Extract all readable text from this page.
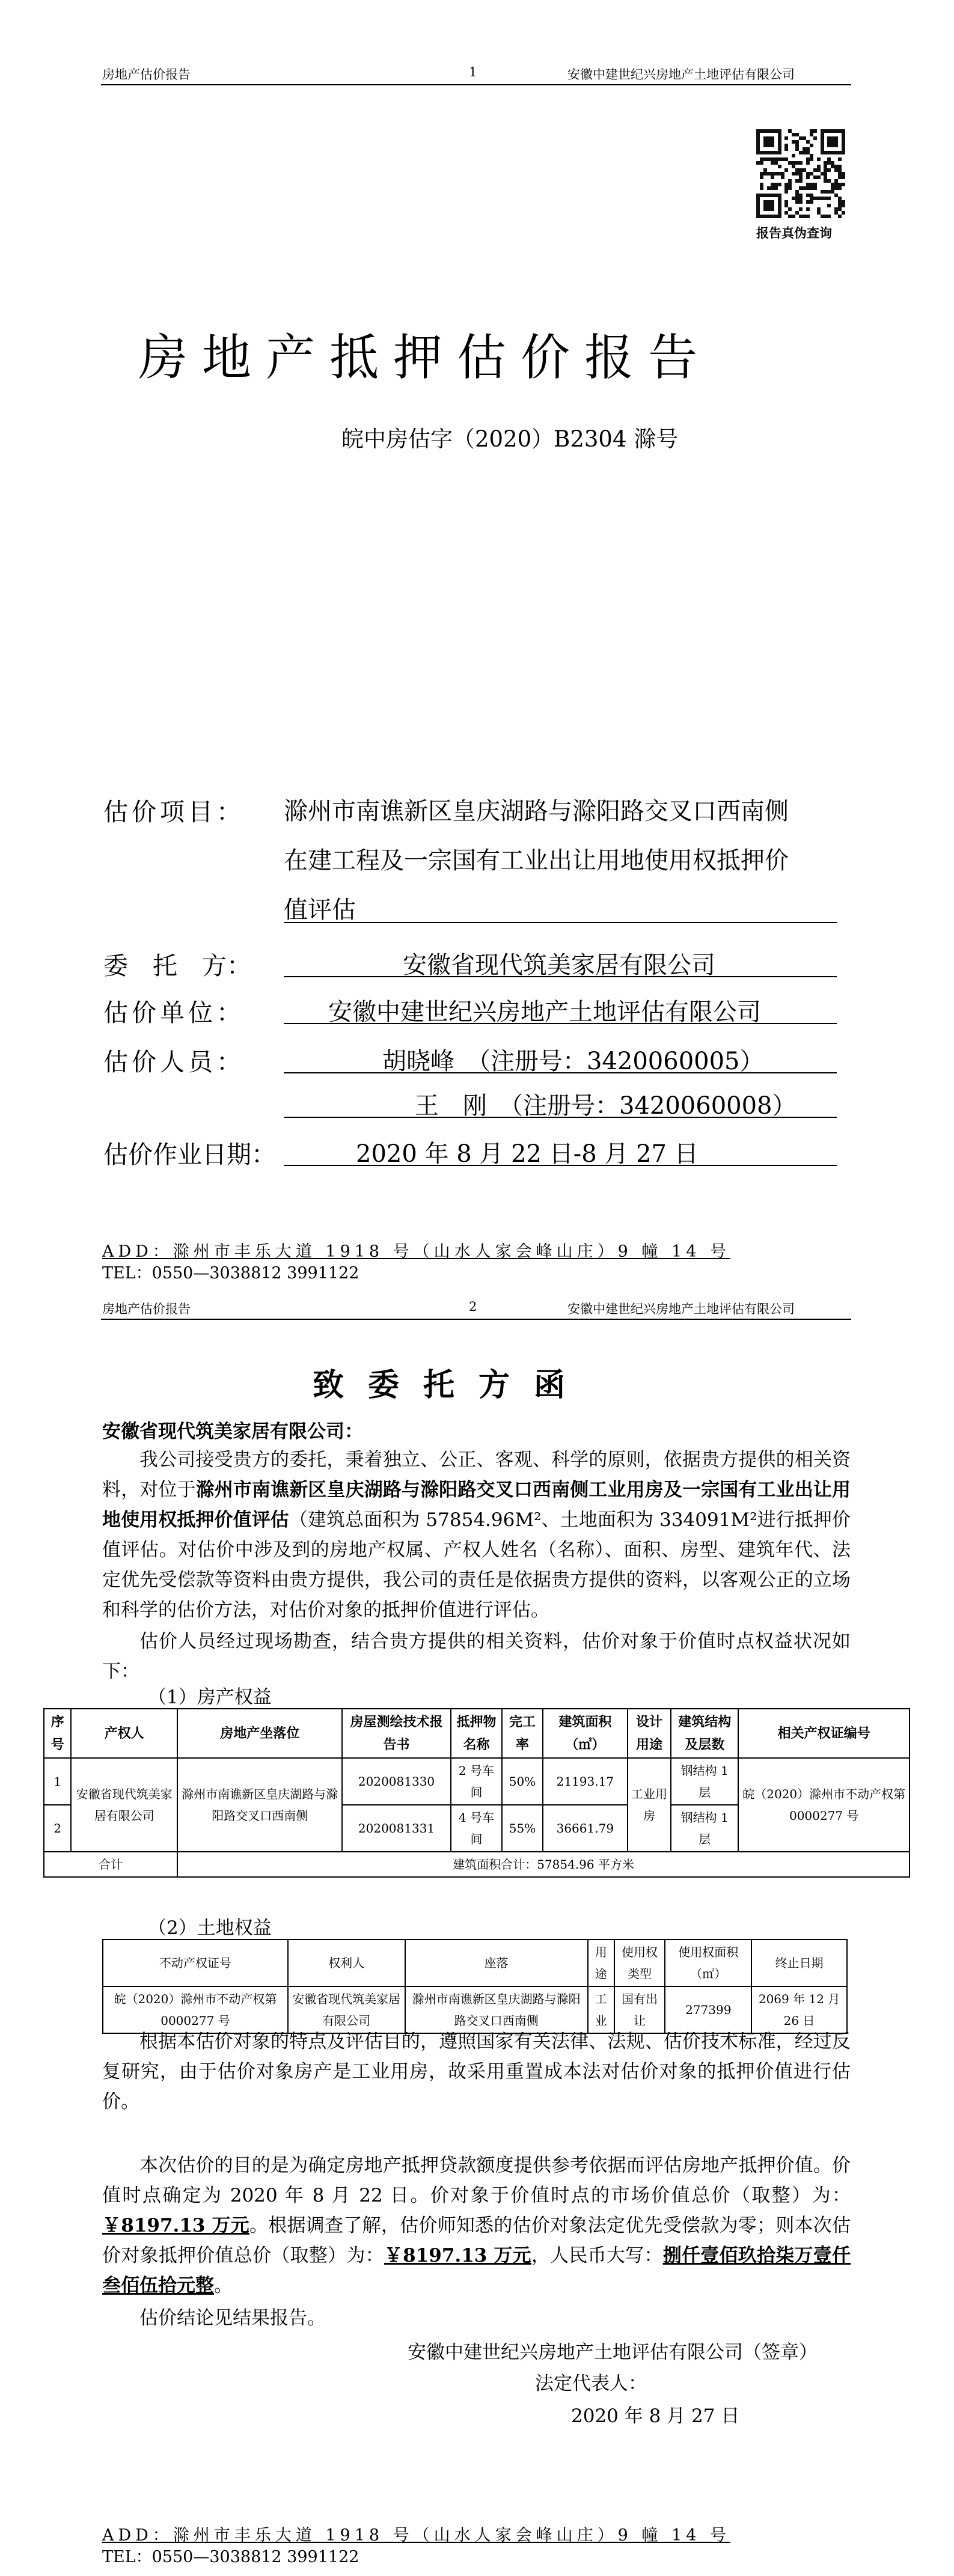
房地产估价报告	1	安徽中建世纪兴房地产土地评估有限公司
报告真伪查询
房地产抵押估价报告
皖中房估字（2020）B2304 滁号
估价项目： 滁州市南谯新区皇庆湖路与滁阳路交叉口西南侧
在建工程及一宗国有工业出让用地使用权抵押价
值评估
委　托　方：	安徽省现代筑美家居有限公司
估价单位：	安徽中建世纪兴房地产土地评估有限公司
估价人员：	胡晓峰　（注册号：3420060005）
王　刚　（注册号：3420060008）
估价作业日期：	2020 年 8 月 22 日-8 月 27 日
ADD：滁州市丰乐大道 1918 号（山水人家会峰山庄）9 幢 14 号
TEL：0550—3038812 3991122
房地产估价报告	2	安徽中建世纪兴房地产土地评估有限公司
致委托方函
安徽省现代筑美家居有限公司：
我公司接受贵方的委托，秉着独立、公正、客观、科学的原则，依据贵方提供的相关资料，对位于滁州市南谯新区皇庆湖路与滁阳路交叉口西南侧工业用房及一宗国有工业出让用地使用权抵押价值评估（建筑总面积为 57854.96M²、土地面积为 334091M²进行抵押价值评估。对估价中涉及到的房地产权属、产权人姓名（名称）、面积、房型、建筑年代、法定优先受偿款等资料由贵方提供，我公司的责任是依据贵方提供的资料，以客观公正的立场和科学的估价方法，对估价对象的抵押价值进行评估。
估价人员经过现场勘查，结合贵方提供的相关资料，估价对象于价值时点权益状况如下：
（1）房产权益
序号	产权人	房地产坐落位	房屋测绘技术报告书	抵押物名称	完工率	建筑面积（㎡）	设计用途	建筑结构及层数	相关产权证编号
1	安徽省现代筑美家居有限公司	滁州市南谯新区皇庆湖路与滁阳路交叉口西南侧	2020081330	2 号车间	50%	21193.17	工业用房	钢结构 1 层	皖（2020）滁州市不动产权第 0000277 号
2			2020081331	4 号车间	55%	36661.79		钢结构 1 层	
合计		建筑面积合计：57854.96 平方米							
（2）土地权益
不动产权证号	权利人	座落	用途	使用权类型	使用权面积（㎡）	终止日期
皖（2020）滁州市不动产权第 0000277 号	安徽省现代筑美家居有限公司	滁州市南谯新区皇庆湖路与滁阳路交叉口西南侧	工业	国有出让	277399	2069 年 12 月 26 日
根据本估价对象的特点及评估目的，遵照国家有关法律、法规、估价技术标准，经过反复研究，由于估价对象房产是工业用房，故采用重置成本法对估价对象的抵押价值进行估价。
本次估价的目的是为确定房地产抵押贷款额度提供参考依据而评估房地产抵押价值。价值时点确定为 2020 年 8 月 22 日。价对象于价值时点的市场价值总价（取整）为：￥8197.13 万元。根据调查了解，估价师知悉的估价对象法定优先受偿款为零；则本次估价对象抵押价值总价（取整）为：￥8197.13 万元，人民币大写：捌仟壹佰玖拾柒万壹仟叁佰伍拾元整。
估价结论见结果报告。
安徽中建世纪兴房地产土地评估有限公司（签章）
法定代表人：
2020 年 8 月 27 日
ADD：滁州市丰乐大道 1918 号（山水人家会峰山庄）9 幢 14 号
TEL：0550—3038812 3991122
